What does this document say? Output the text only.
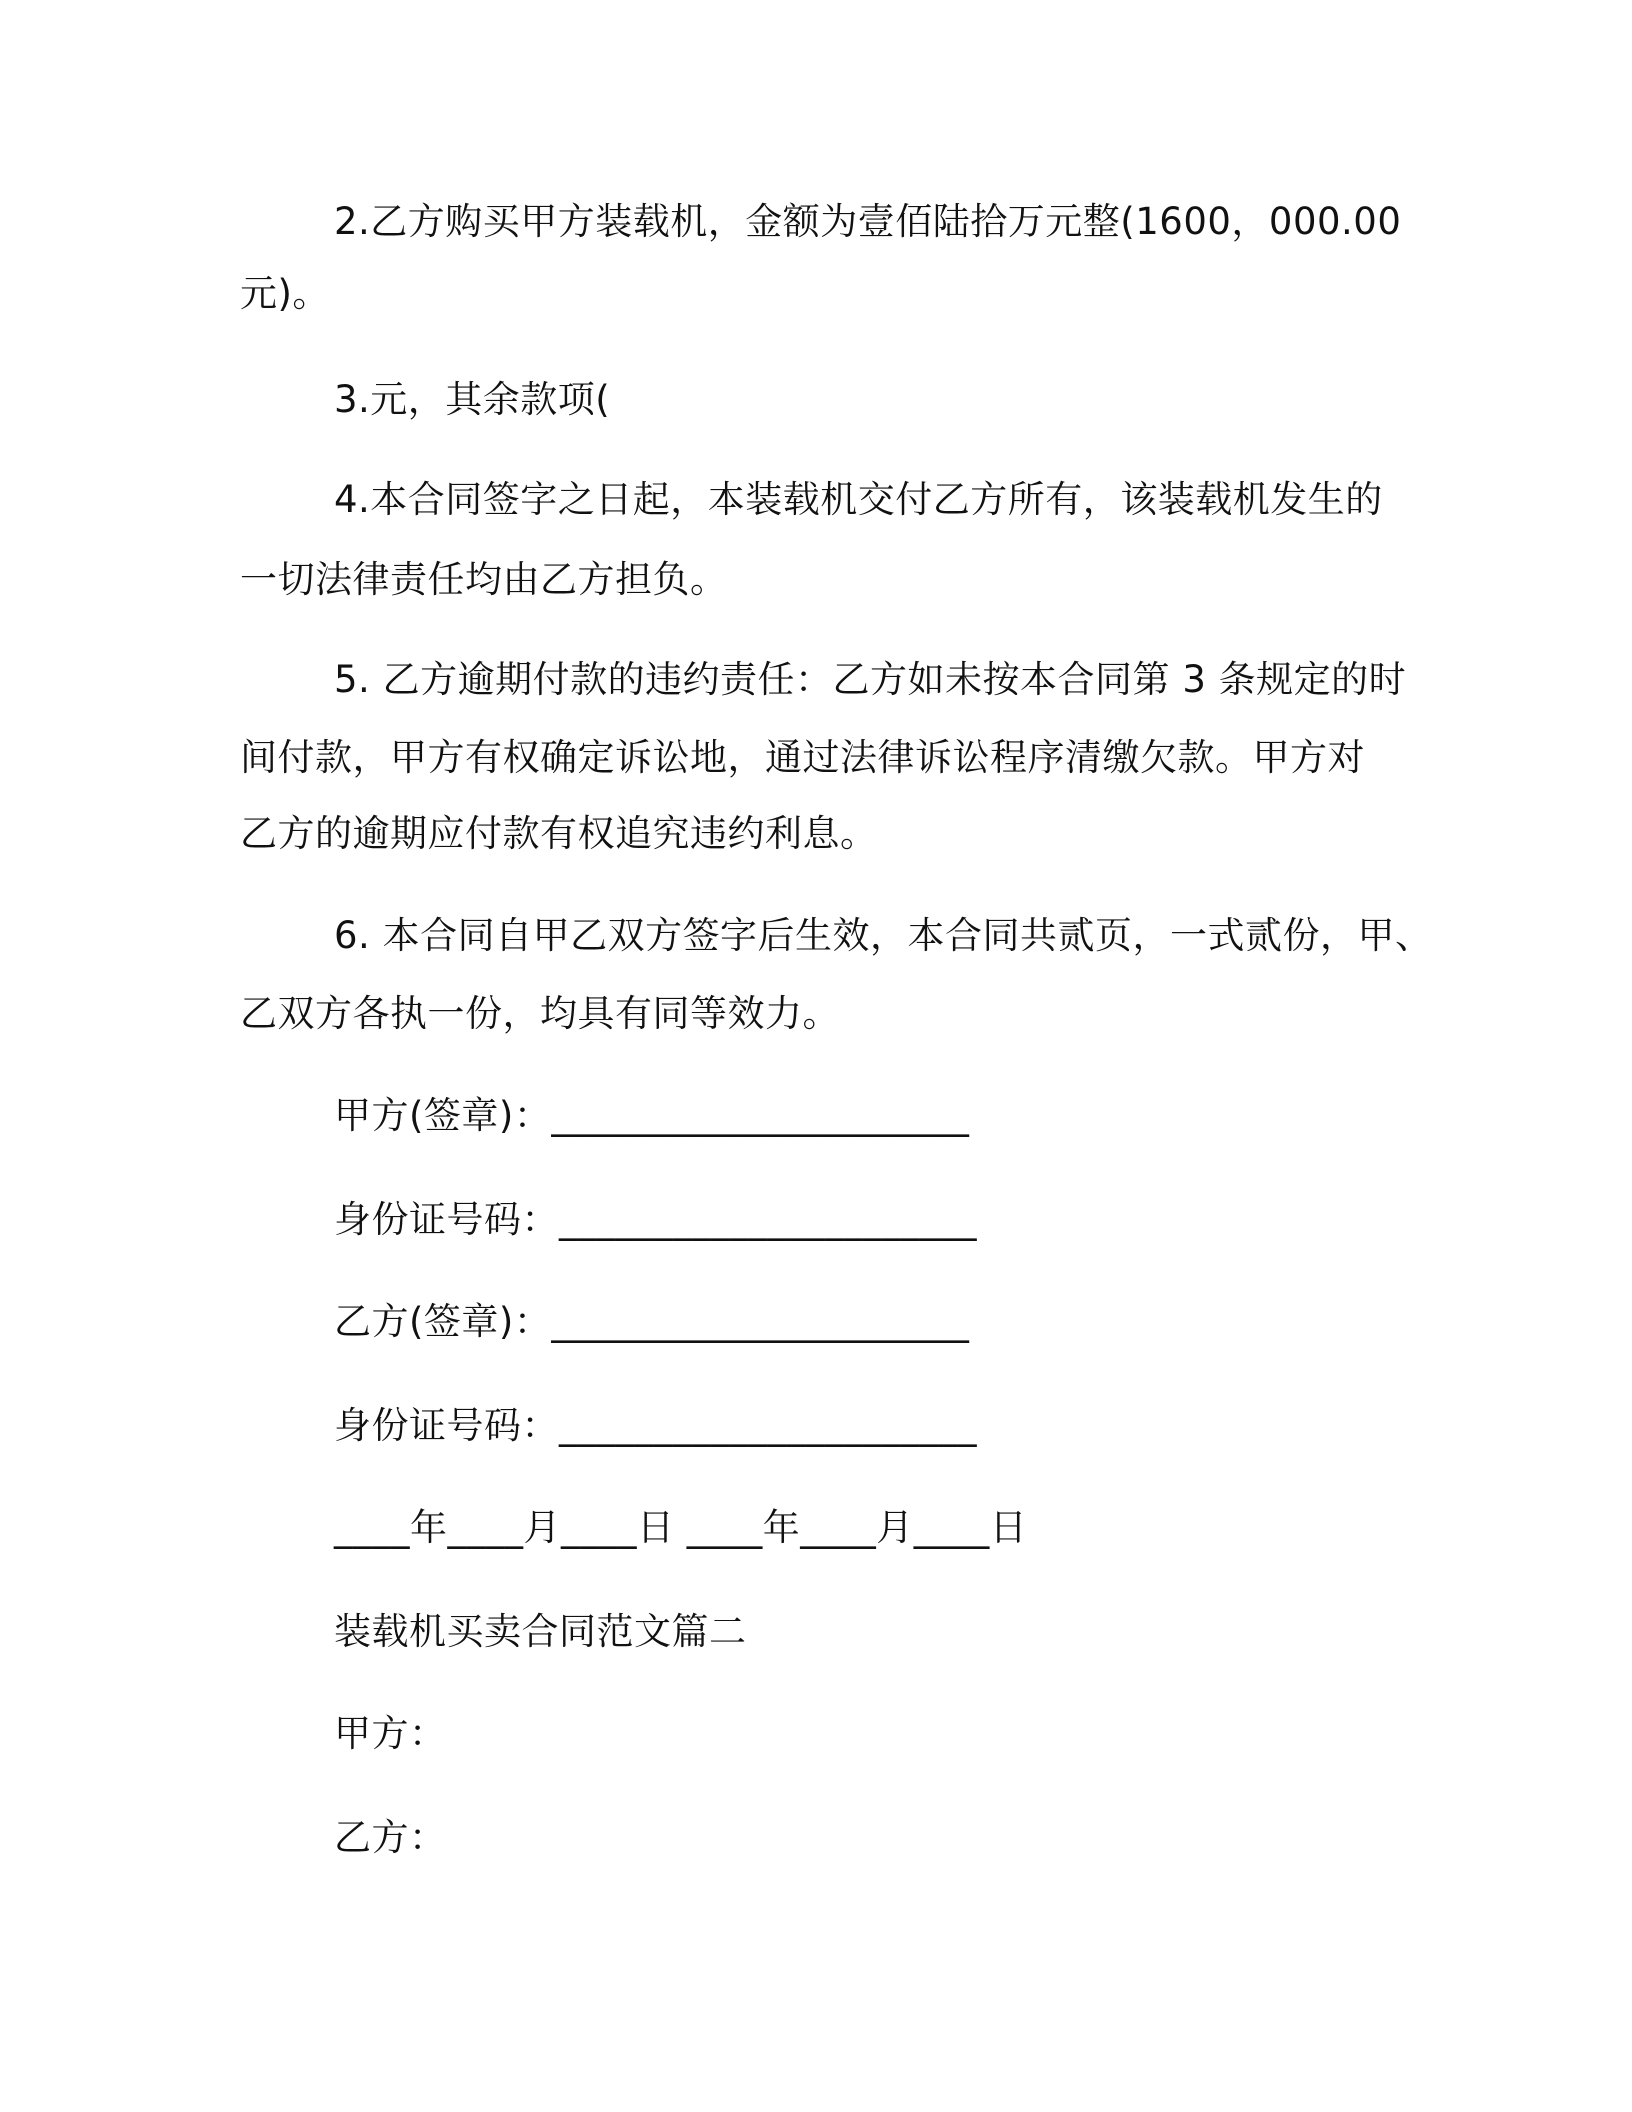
2.乙方购买甲方装载机，金额为壹佰陆拾万元整(1600，000.00

元)。

3.元，其余款项(

4.本合同签字之日起，本装载机交付乙方所有，该装载机发生的

一切法律责任均由乙方担负。

5. 乙方逾期付款的违约责任：乙方如未按本合同第 3 条规定的时

间付款，甲方有权确定诉讼地，通过法律诉讼程序清缴欠款。甲方对

乙方的逾期应付款有权追究违约利息。

6. 本合同自甲乙双方签字后生效，本合同共贰页，一式贰份，甲、

乙双方各执一份，均具有同等效力。

甲方(签章)：______________________

身份证号码：______________________

乙方(签章)：______________________

身份证号码：______________________

____年____月____日 ____年____月____日

装载机买卖合同范文篇二

甲方：

乙方：
